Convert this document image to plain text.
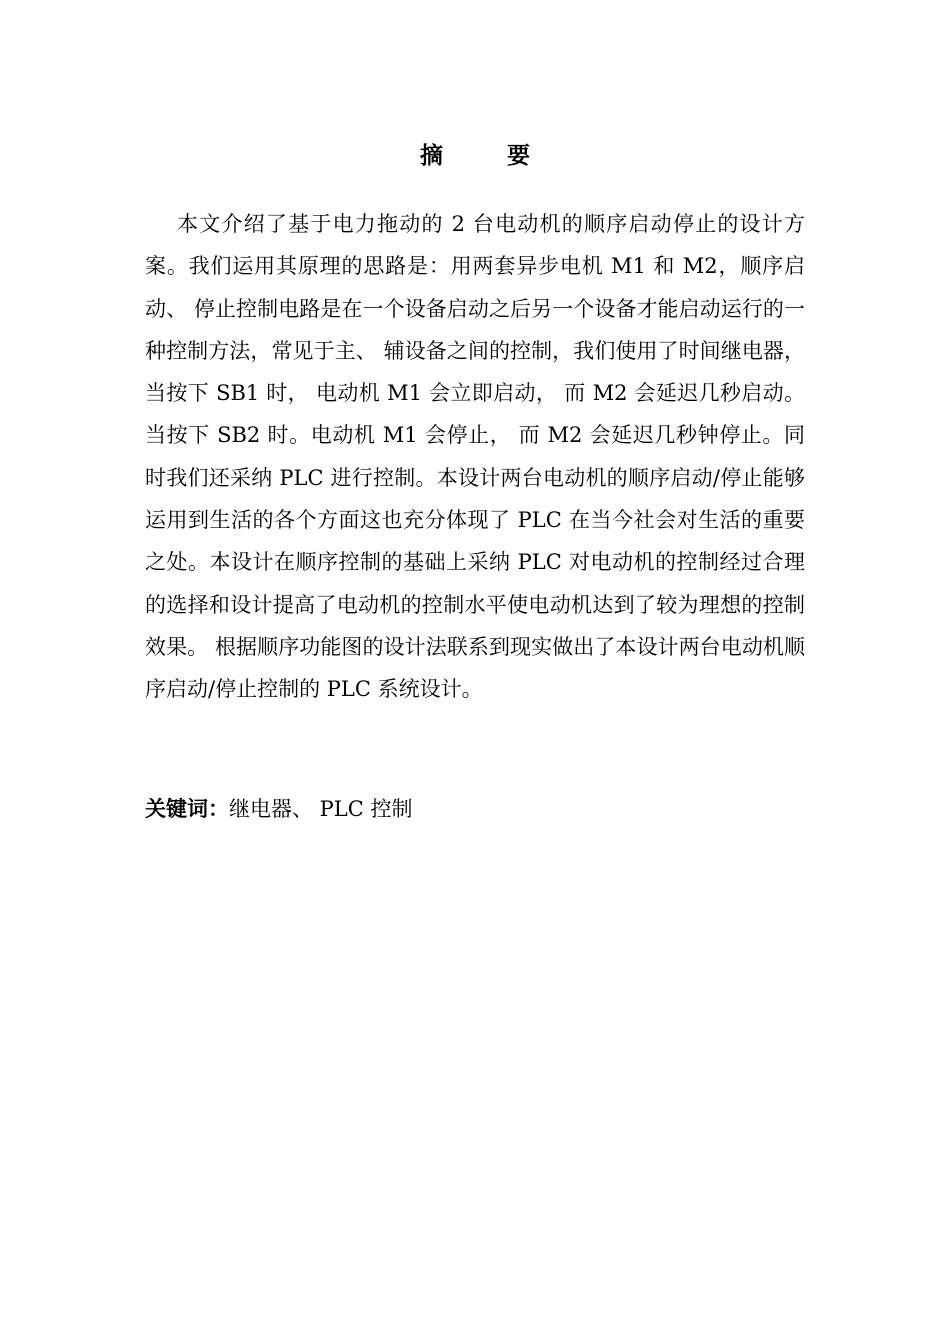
摘	要

本文介绍了基于电力拖动的 2 台电动机的顺序启动停止的设计方案。我们运用其原理的思路是：用两套异步电机 M1 和 M2，顺序启动、 停止控制电路是在一个设备启动之后另一个设备才能启动运行的一种控制方法，常见于主、 辅设备之间的控制，我们使用了时间继电器， 当按下 SB1 时， 电动机 M1 会立即启动， 而 M2 会延迟几秒启动。当按下 SB2 时。电动机 M1 会停止， 而 M2 会延迟几秒钟停止。同时我们还采纳 PLC 进行控制。本设计两台电动机的顺序启动/停止能够运用到生活的各个方面这也充分体现了 PLC 在当今社会对生活的重要之处。本设计在顺序控制的基础上采纳 PLC 对电动机的控制经过合理的选择和设计提高了电动机的控制水平使电动机达到了较为理想的控制效果。 根据顺序功能图的设计法联系到现实做出了本设计两台电动机顺序启动/停止控制的 PLC 系统设计。

关键词：继电器、 PLC 控制
